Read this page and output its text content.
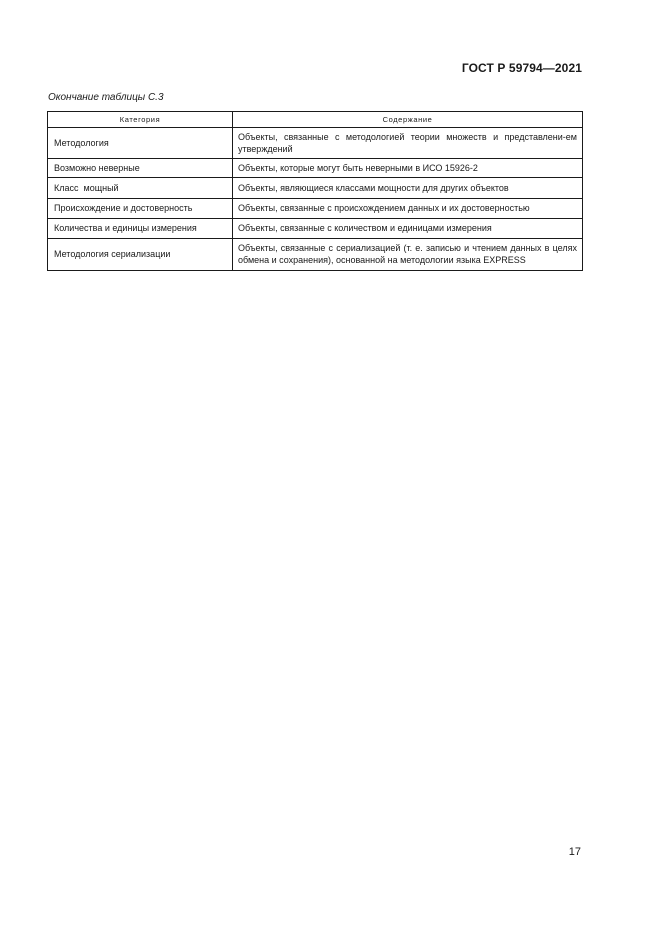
ГОСТ Р 59794—2021
Окончание таблицы С.3
Категория	Содержание
Методология	Объекты, связанные с методологией теории множеств и представлени-ем утверждений
Возможно неверные	Объекты, которые могут быть неверными в ИСО 15926-2
Класс  мощный	Объекты, являющиеся классами мощности для других объектов
Происхождение и достоверность	Объекты, связанные с происхождением данных и их достоверностью
Количества и единицы измерения	Объекты, связанные с количеством и единицами измерения
Методология сериализации	Объекты, связанные с сериализацией (т. е. записью и чтением данных в целях обмена и сохранения), основанной на методологии языка EXPRESS
17
